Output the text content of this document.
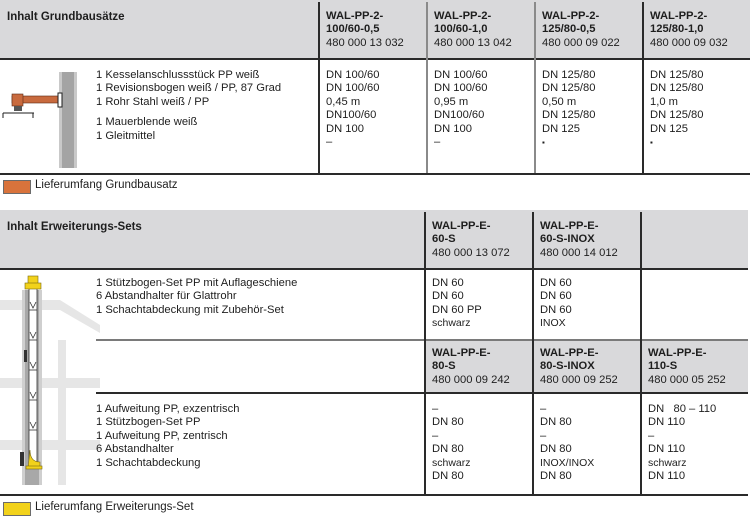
Inhalt Grundbausätze	WAL-PP-2-
100/60-0,5
480 000 13 032
WAL-PP-2-
100/60-1,0
480 000 13 042
WAL-PP-2-
125/80-0,5
480 000 09 022
WAL-PP-2-
125/80-1,0
480 000 09 032
1 Kesselanschlussstück PP weiß
1 Revisionsbogen weiß / PP, 87 Grad
1 Rohr Stahl weiß / PP
1 Mauerblende weiß
1 Gleitmittel
DN 100/60
DN 100/60
0,45 m
DN100/60
DN 100
–
DN 100/60
DN 100/60
0,95 m
DN100/60
DN 100
–
DN 125/80
DN 125/80
0,50 m
DN 125/80
DN 125
▪
DN 125/80
DN 125/80
1,0 m
DN 125/80
DN 125
▪
Lieferumfang Grundbausatz
Inhalt Erweiterungs-Sets	WAL-PP-E-
60-S
480 000 13 072
WAL-PP-E-
60-S-INOX
480 000 14 012
1 Stützbogen-Set PP mit Auflageschiene
6 Abstandhalter für Glattrohr
1 Schachtabdeckung mit Zubehör-Set
DN 60
DN 60
DN 60 PP
schwarz
DN 60
DN 60
DN 60
INOX
WAL-PP-E-
80-S
480 000 09 242
WAL-PP-E-
80-S-INOX
480 000 09 252
WAL-PP-E-
110-S
480 000 05 252
1 Aufweitung PP, exzentrisch
1 Stützbogen-Set PP
1 Aufweitung PP, zentrisch
6 Abstandhalter
1 Schachtabdeckung
–
DN 80
–
DN 80
schwarz
DN 80
–
DN 80
–
DN 80
INOX/INOX
DN 80
DN   80 – 110
DN 110
–
DN 110
schwarz
DN 110
Lieferumfang Erweiterungs-Set
